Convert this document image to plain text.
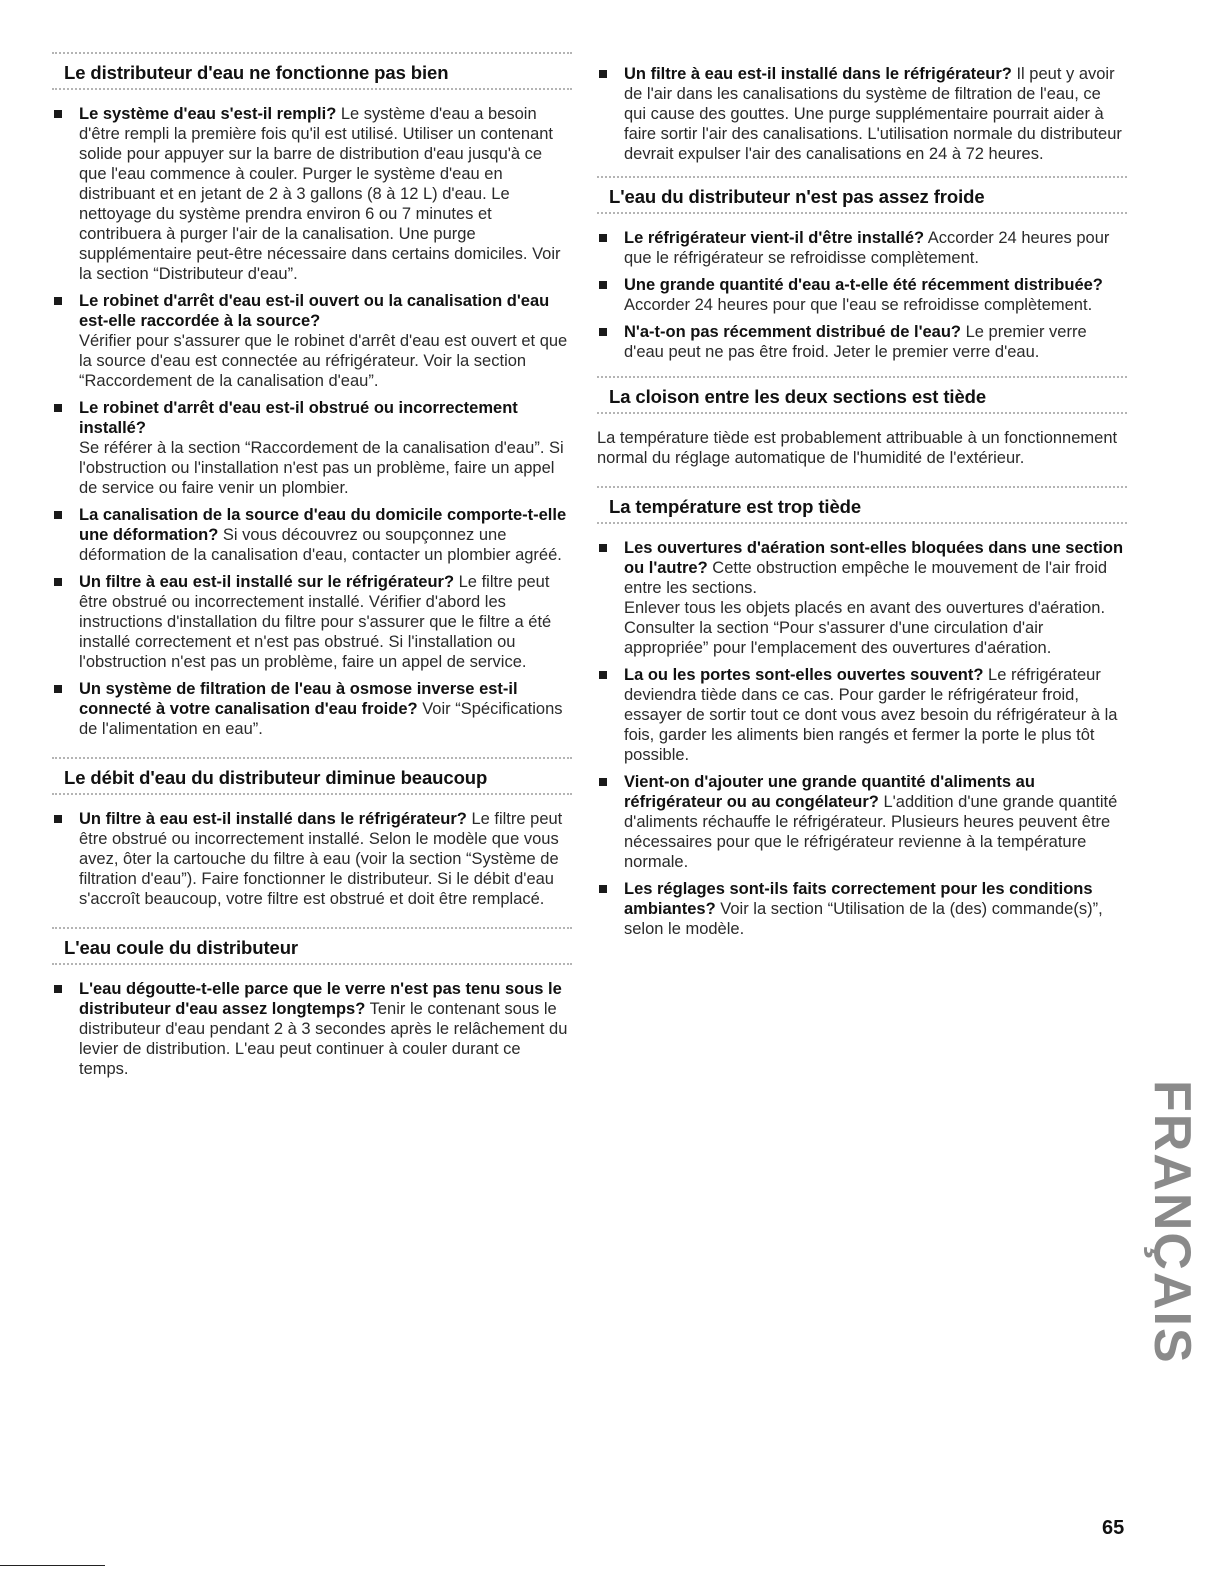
Le distributeur d'eau ne fonctionne pas bien
Le système d'eau s'est-il rempli? Le système d'eau a besoin d'être rempli la première fois qu'il est utilisé. Utiliser un contenant solide pour appuyer sur la barre de distribution d'eau jusqu'à ce que l'eau commence à couler. Purger le système d'eau en distribuant et en jetant de 2 à 3 gallons (8 à 12 L) d'eau. Le nettoyage du système prendra environ 6 ou 7 minutes et contribuera à purger l'air de la canalisation. Une purge supplémentaire peut-être nécessaire dans certains domiciles. Voir la section “Distributeur d'eau”.
Le robinet d'arrêt d'eau est-il ouvert ou la canalisation d'eau est-elle raccordée à la source?
Vérifier pour s'assurer que le robinet d'arrêt d'eau est ouvert et que la source d'eau est connectée au réfrigérateur. Voir la section “Raccordement de la canalisation d'eau”.
Le robinet d'arrêt d'eau est-il obstrué ou incorrectement installé?
Se référer à la section “Raccordement de la canalisation d'eau”. Si l'obstruction ou l'installation n'est pas un problème, faire un appel de service ou faire venir un plombier.
La canalisation de la source d'eau du domicile comporte-t-elle une déformation? Si vous découvrez ou soupçonnez une déformation de la canalisation d'eau, contacter un plombier agréé.
Un filtre à eau est-il installé sur le réfrigérateur? Le filtre peut être obstrué ou incorrectement installé. Vérifier d'abord les instructions d'installation du filtre pour s'assurer que le filtre a été installé correctement et n'est pas obstrué. Si l'installation ou l'obstruction n'est pas un problème, faire un appel de service.
Un système de filtration de l'eau à osmose inverse est-il connecté à votre canalisation d'eau froide? Voir “Spécifications de l'alimentation en eau”.
Le débit d'eau du distributeur diminue beaucoup
Un filtre à eau est-il installé dans le réfrigérateur? Le filtre peut être obstrué ou incorrectement installé. Selon le modèle que vous avez, ôter la cartouche du filtre à eau (voir la section “Système de filtration d'eau”). Faire fonctionner le distributeur. Si le débit d'eau s'accroît beaucoup, votre filtre est obstrué et doit être remplacé.
L'eau coule du distributeur
L'eau dégoutte-t-elle parce que le verre n'est pas tenu sous le distributeur d'eau assez longtemps? Tenir le contenant sous le distributeur d'eau pendant 2 à 3 secondes après le relâchement du levier de distribution. L'eau peut continuer à couler durant ce temps.
Un filtre à eau est-il installé dans le réfrigérateur? Il peut y avoir de l'air dans les canalisations du système de filtration de l'eau, ce qui cause des gouttes. Une purge supplémentaire pourrait aider à faire sortir l'air des canalisations. L'utilisation normale du distributeur devrait expulser l'air des canalisations en 24 à 72 heures.
L'eau du distributeur n'est pas assez froide
Le réfrigérateur vient-il d'être installé? Accorder 24 heures pour que le réfrigérateur se refroidisse complètement.
Une grande quantité d'eau a-t-elle été récemment distribuée? Accorder 24 heures pour que l'eau se refroidisse complètement.
N'a-t-on pas récemment distribué de l'eau? Le premier verre d'eau peut ne pas être froid. Jeter le premier verre d'eau.
La cloison entre les deux sections est tiède

La température tiède est probablement attribuable à un fonctionnement normal du réglage automatique de l'humidité de l'extérieur.

La température est trop tiède
Les ouvertures d'aération sont-elles bloquées dans une section ou l'autre? Cette obstruction empêche le mouvement de l'air froid entre les sections.
Enlever tous les objets placés en avant des ouvertures d'aération. Consulter la section “Pour s'assurer d'une circulation d'air appropriée” pour l'emplacement des ouvertures d'aération.
La ou les portes sont-elles ouvertes souvent? Le réfrigérateur deviendra tiède dans ce cas. Pour garder le réfrigérateur froid, essayer de sortir tout ce dont vous avez besoin du réfrigérateur à la fois, garder les aliments bien rangés et fermer la porte le plus tôt possible.
Vient-on d'ajouter une grande quantité d'aliments au réfrigérateur ou au congélateur? L'addition d'une grande quantité d'aliments réchauffe le réfrigérateur. Plusieurs heures peuvent être nécessaires pour que le réfrigérateur revienne à la température normale.
Les réglages sont-ils faits correctement pour les conditions ambiantes? Voir la section “Utilisation de la (des) commande(s)”, selon le modèle.
FRANÇAIS
65
